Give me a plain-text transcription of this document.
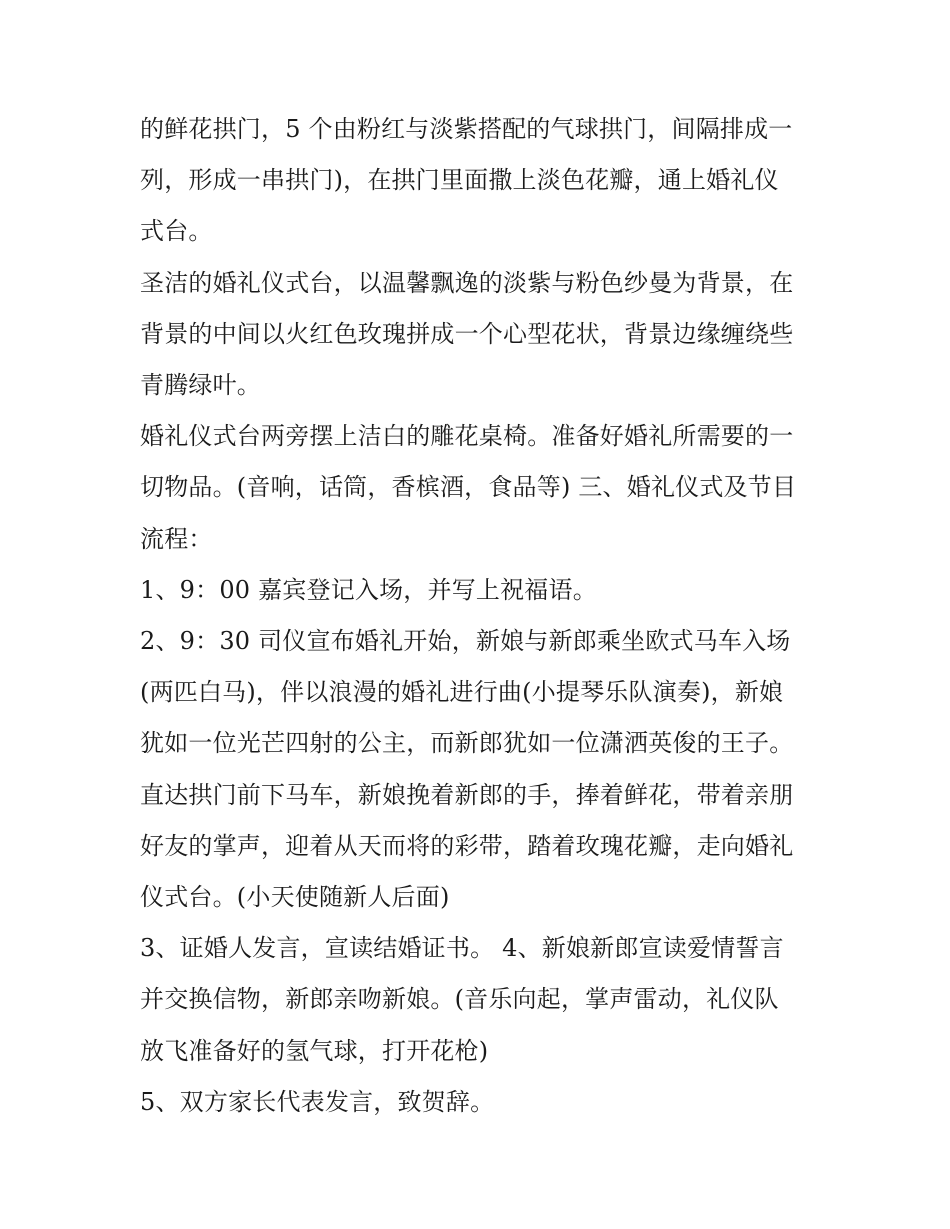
的鲜花拱门，5 个由粉红与淡紫搭配的气球拱门，间隔排成一
列，形成一串拱门)，在拱门里面撒上淡色花瓣，通上婚礼仪
式台。

圣洁的婚礼仪式台，以温馨飘逸的淡紫与粉色纱曼为背景，在
背景的中间以火红色玫瑰拼成一个心型花状，背景边缘缠绕些
青腾绿叶。

婚礼仪式台两旁摆上洁白的雕花桌椅。准备好婚礼所需要的一
切物品。(音响，话筒，香槟酒，食品等) 三、婚礼仪式及节目
流程：

1、9：00 嘉宾登记入场，并写上祝福语。

2、9：30 司仪宣布婚礼开始，新娘与新郎乘坐欧式马车入场
(两匹白马)，伴以浪漫的婚礼进行曲(小提琴乐队演奏)，新娘
犹如一位光芒四射的公主，而新郎犹如一位潇洒英俊的王子。
直达拱门前下马车，新娘挽着新郎的手，捧着鲜花，带着亲朋
好友的掌声，迎着从天而将的彩带，踏着玫瑰花瓣，走向婚礼
仪式台。(小天使随新人后面)

3、证婚人发言，宣读结婚证书。 4、新娘新郎宣读爱情誓言
并交换信物，新郎亲吻新娘。(音乐向起，掌声雷动，礼仪队
放飞准备好的氢气球，打开花枪)

5、双方家长代表发言，致贺辞。
